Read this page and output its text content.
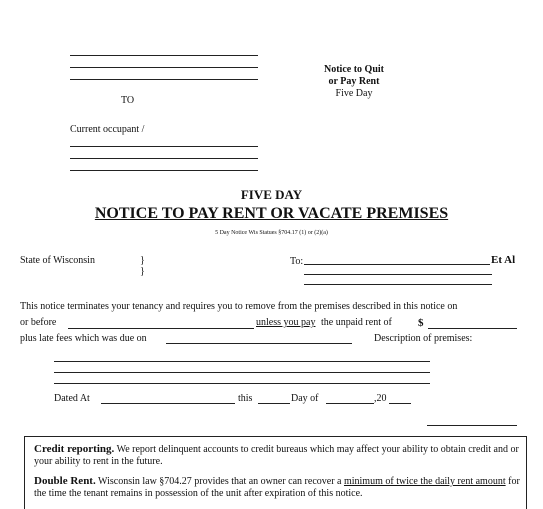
TO
Notice to Quit
or Pay Rent
Five Day
Current occupant /
FIVE DAY
NOTICE TO PAY RENT OR VACATE PREMISES
5 Day Notice Wis Statues §704.17 (1) or (2)(a)
State of Wisconsin	}
}
To:	Et Al
This notice terminates your tenancy and requires you to remove from the premises described in this notice on
or before	unless you pay the unpaid rent of $
plus late fees which was due on	Description of premises:
Dated At	this	Day of	,20
Credit reporting. We report delinquent accounts to credit bureaus which may affect your ability to obtain credit and or your ability to rent in the future.
Double Rent. Wisconsin law §704.27 provides that an owner can recover a minimum of twice the daily rent amount for the time the tenant remains in possession of the unit after expiration of this notice.
